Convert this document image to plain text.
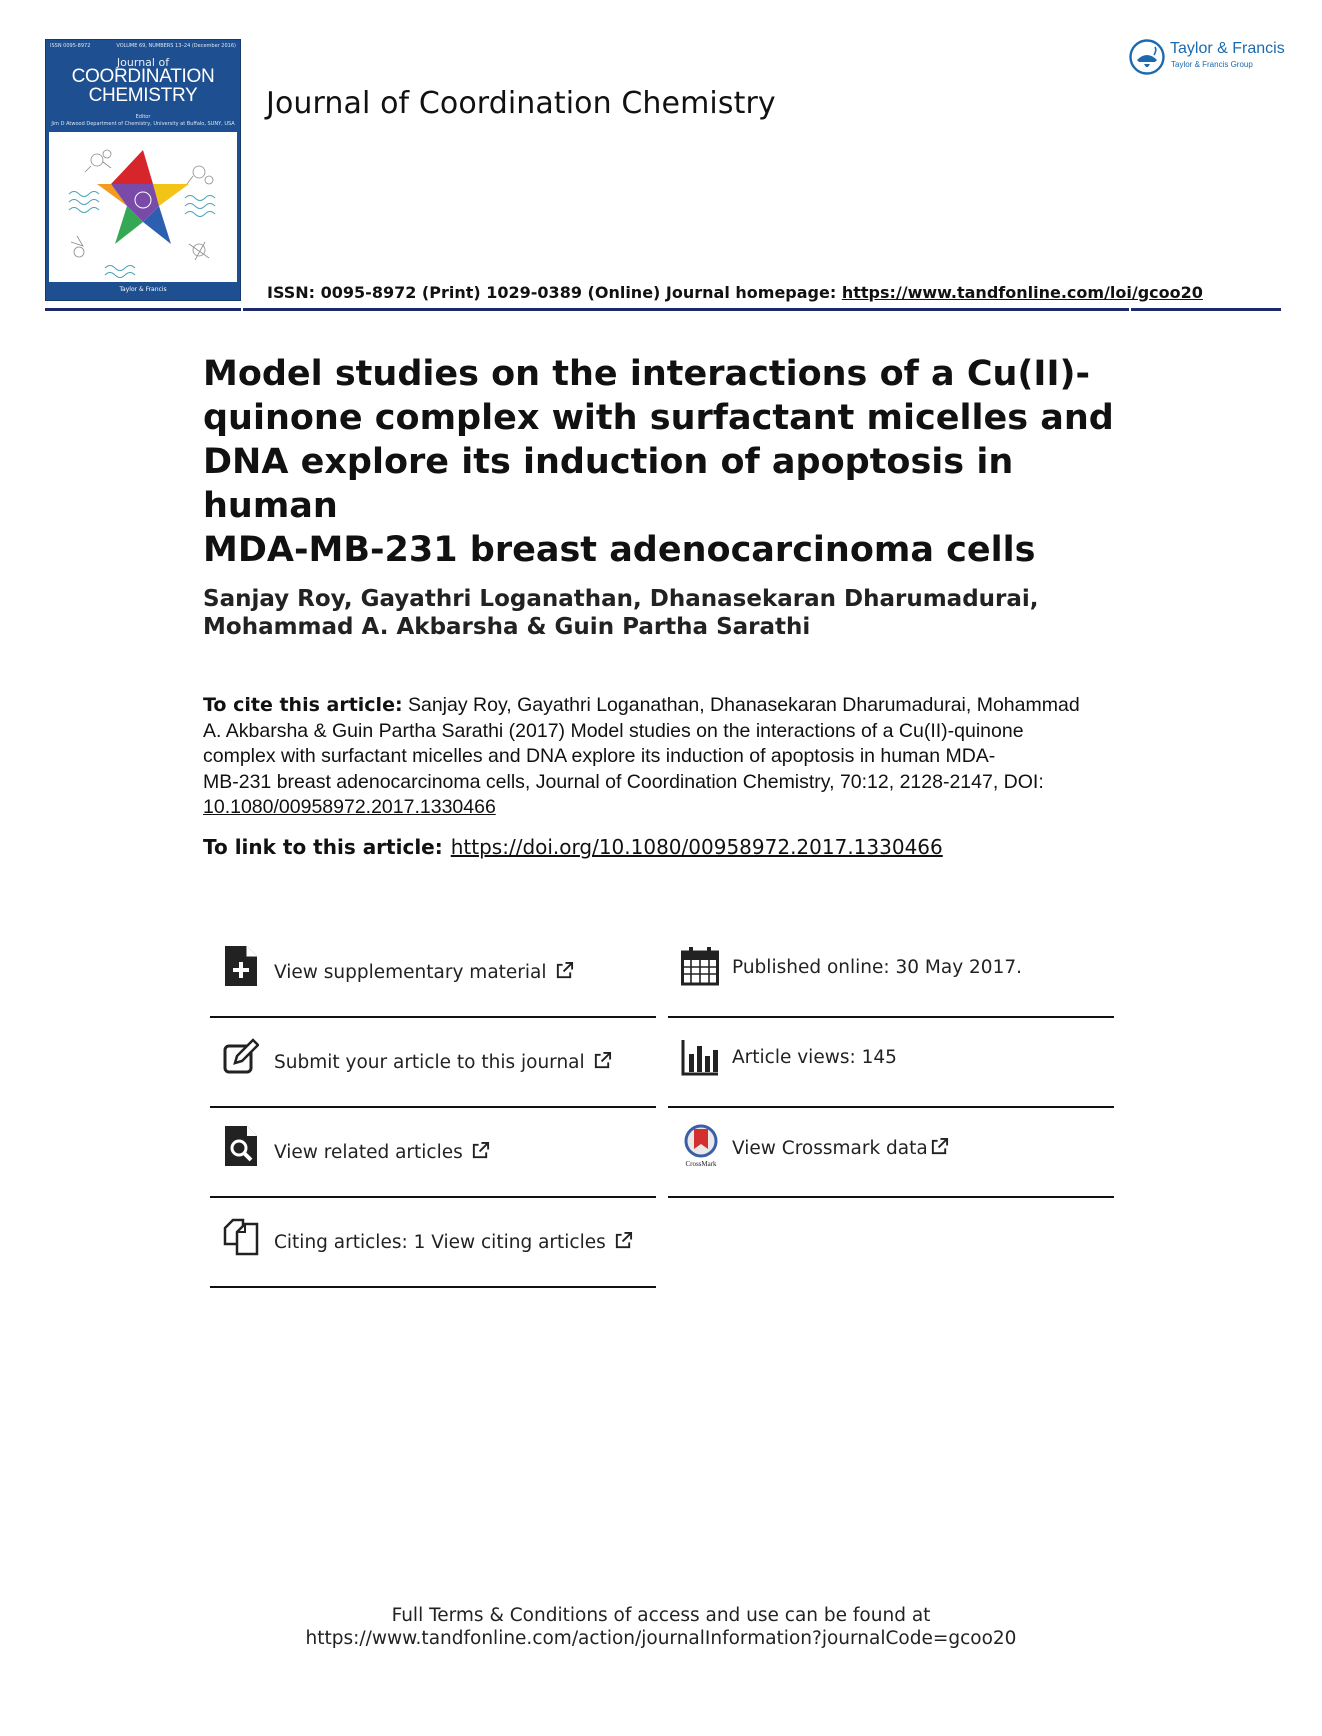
ISSN 0095-8972	VOLUME 69, NUMBERS 13–24 (December 2016)
Journal of
COORDINATION
CHEMISTRY
Editor
Jim D Atwood Department of Chemistry, University at Buffalo, SUNY, USA
Taylor & Francis
Journal of Coordination Chemistry
ISSN: 0095-8972 (Print) 1029-0389 (Online) Journal homepage: https://www.tandfonline.com/loi/gcoo20
Taylor & Francis
Taylor & Francis Group
Model studies on the interactions of a Cu(II)-
quinone complex with surfactant micelles and
DNA explore its induction of apoptosis in human
MDA-MB-231 breast adenocarcinoma cells
Sanjay Roy, Gayathri Loganathan, Dhanasekaran Dharumadurai,
Mohammad A. Akbarsha & Guin Partha Sarathi
To cite this article: Sanjay Roy, Gayathri Loganathan, Dhanasekaran Dharumadurai, Mohammad
A. Akbarsha & Guin Partha Sarathi (2017) Model studies on the interactions of a Cu(II)-quinone
complex with surfactant micelles and DNA explore its induction of apoptosis in human MDA-
MB-231 breast adenocarcinoma cells, Journal of Coordination Chemistry, 70:12, 2128-2147, DOI:
10.1080/00958972.2017.1330466
To link to this article: https://doi.org/10.1080/00958972.2017.1330466
View supplementary material
Submit your article to this journal
View related articles
Citing articles: 1 View citing articles
Published online: 30 May 2017.
Article views: 145
CrossMark
View Crossmark data
Full Terms & Conditions of access and use can be found at
https://www.tandfonline.com/action/journalInformation?journalCode=gcoo20
